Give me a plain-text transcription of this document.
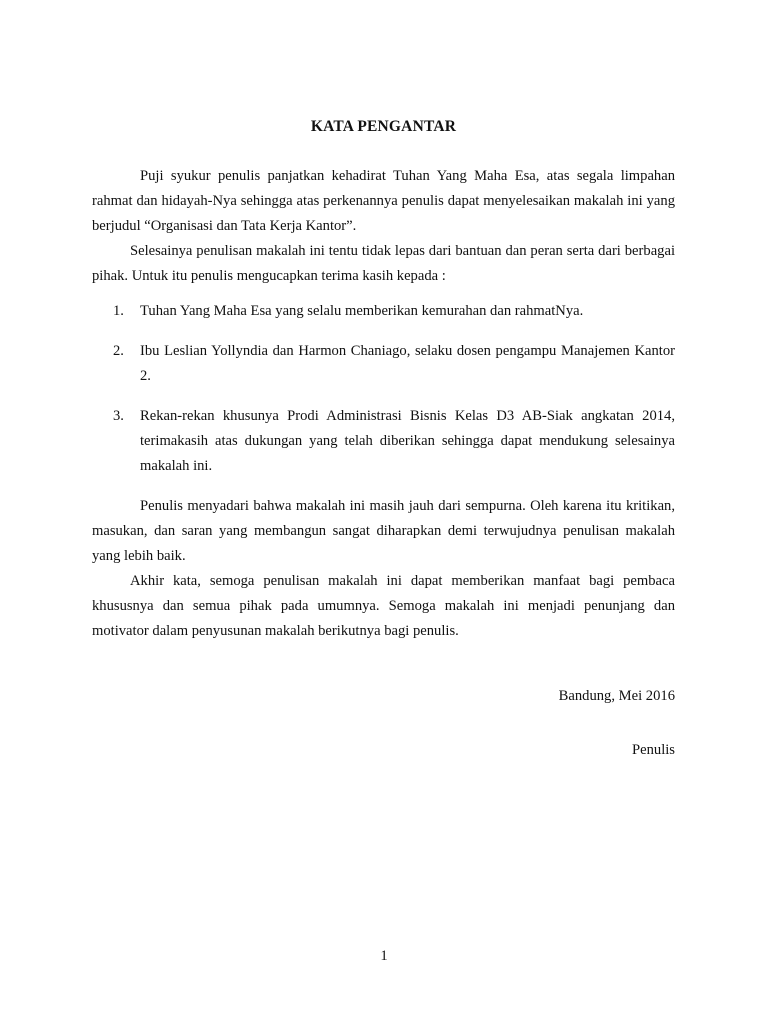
KATA PENGANTAR

Puji syukur penulis panjatkan kehadirat Tuhan Yang Maha Esa, atas segala limpahan rahmat dan hidayah-Nya sehingga atas perkenannya penulis dapat menyelesaikan makalah ini yang berjudul “Organisasi dan Tata Kerja Kantor”.

Selesainya penulisan makalah ini tentu tidak lepas dari bantuan dan peran serta dari berbagai pihak. Untuk itu penulis mengucapkan terima kasih kepada :

1. Tuhan Yang Maha Esa yang selalu memberikan kemurahan dan rahmatNya.
2. Ibu Leslian Yollyndia dan Harmon Chaniago, selaku dosen pengampu Manajemen Kantor 2.
3. Rekan-rekan khusunya Prodi Administrasi Bisnis Kelas D3 AB-Siak angkatan 2014, terimakasih atas dukungan yang telah diberikan sehingga dapat mendukung selesainya makalah ini.

Penulis menyadari bahwa makalah ini masih jauh dari sempurna. Oleh karena itu kritikan, masukan, dan saran yang membangun sangat diharapkan demi terwujudnya penulisan makalah yang lebih baik.

Akhir kata, semoga penulisan makalah ini dapat memberikan manfaat bagi pembaca khususnya dan semua pihak pada umumnya. Semoga makalah ini menjadi penunjang dan motivator dalam penyusunan makalah berikutnya bagi penulis.

Bandung, Mei 2016
Penulis
1
